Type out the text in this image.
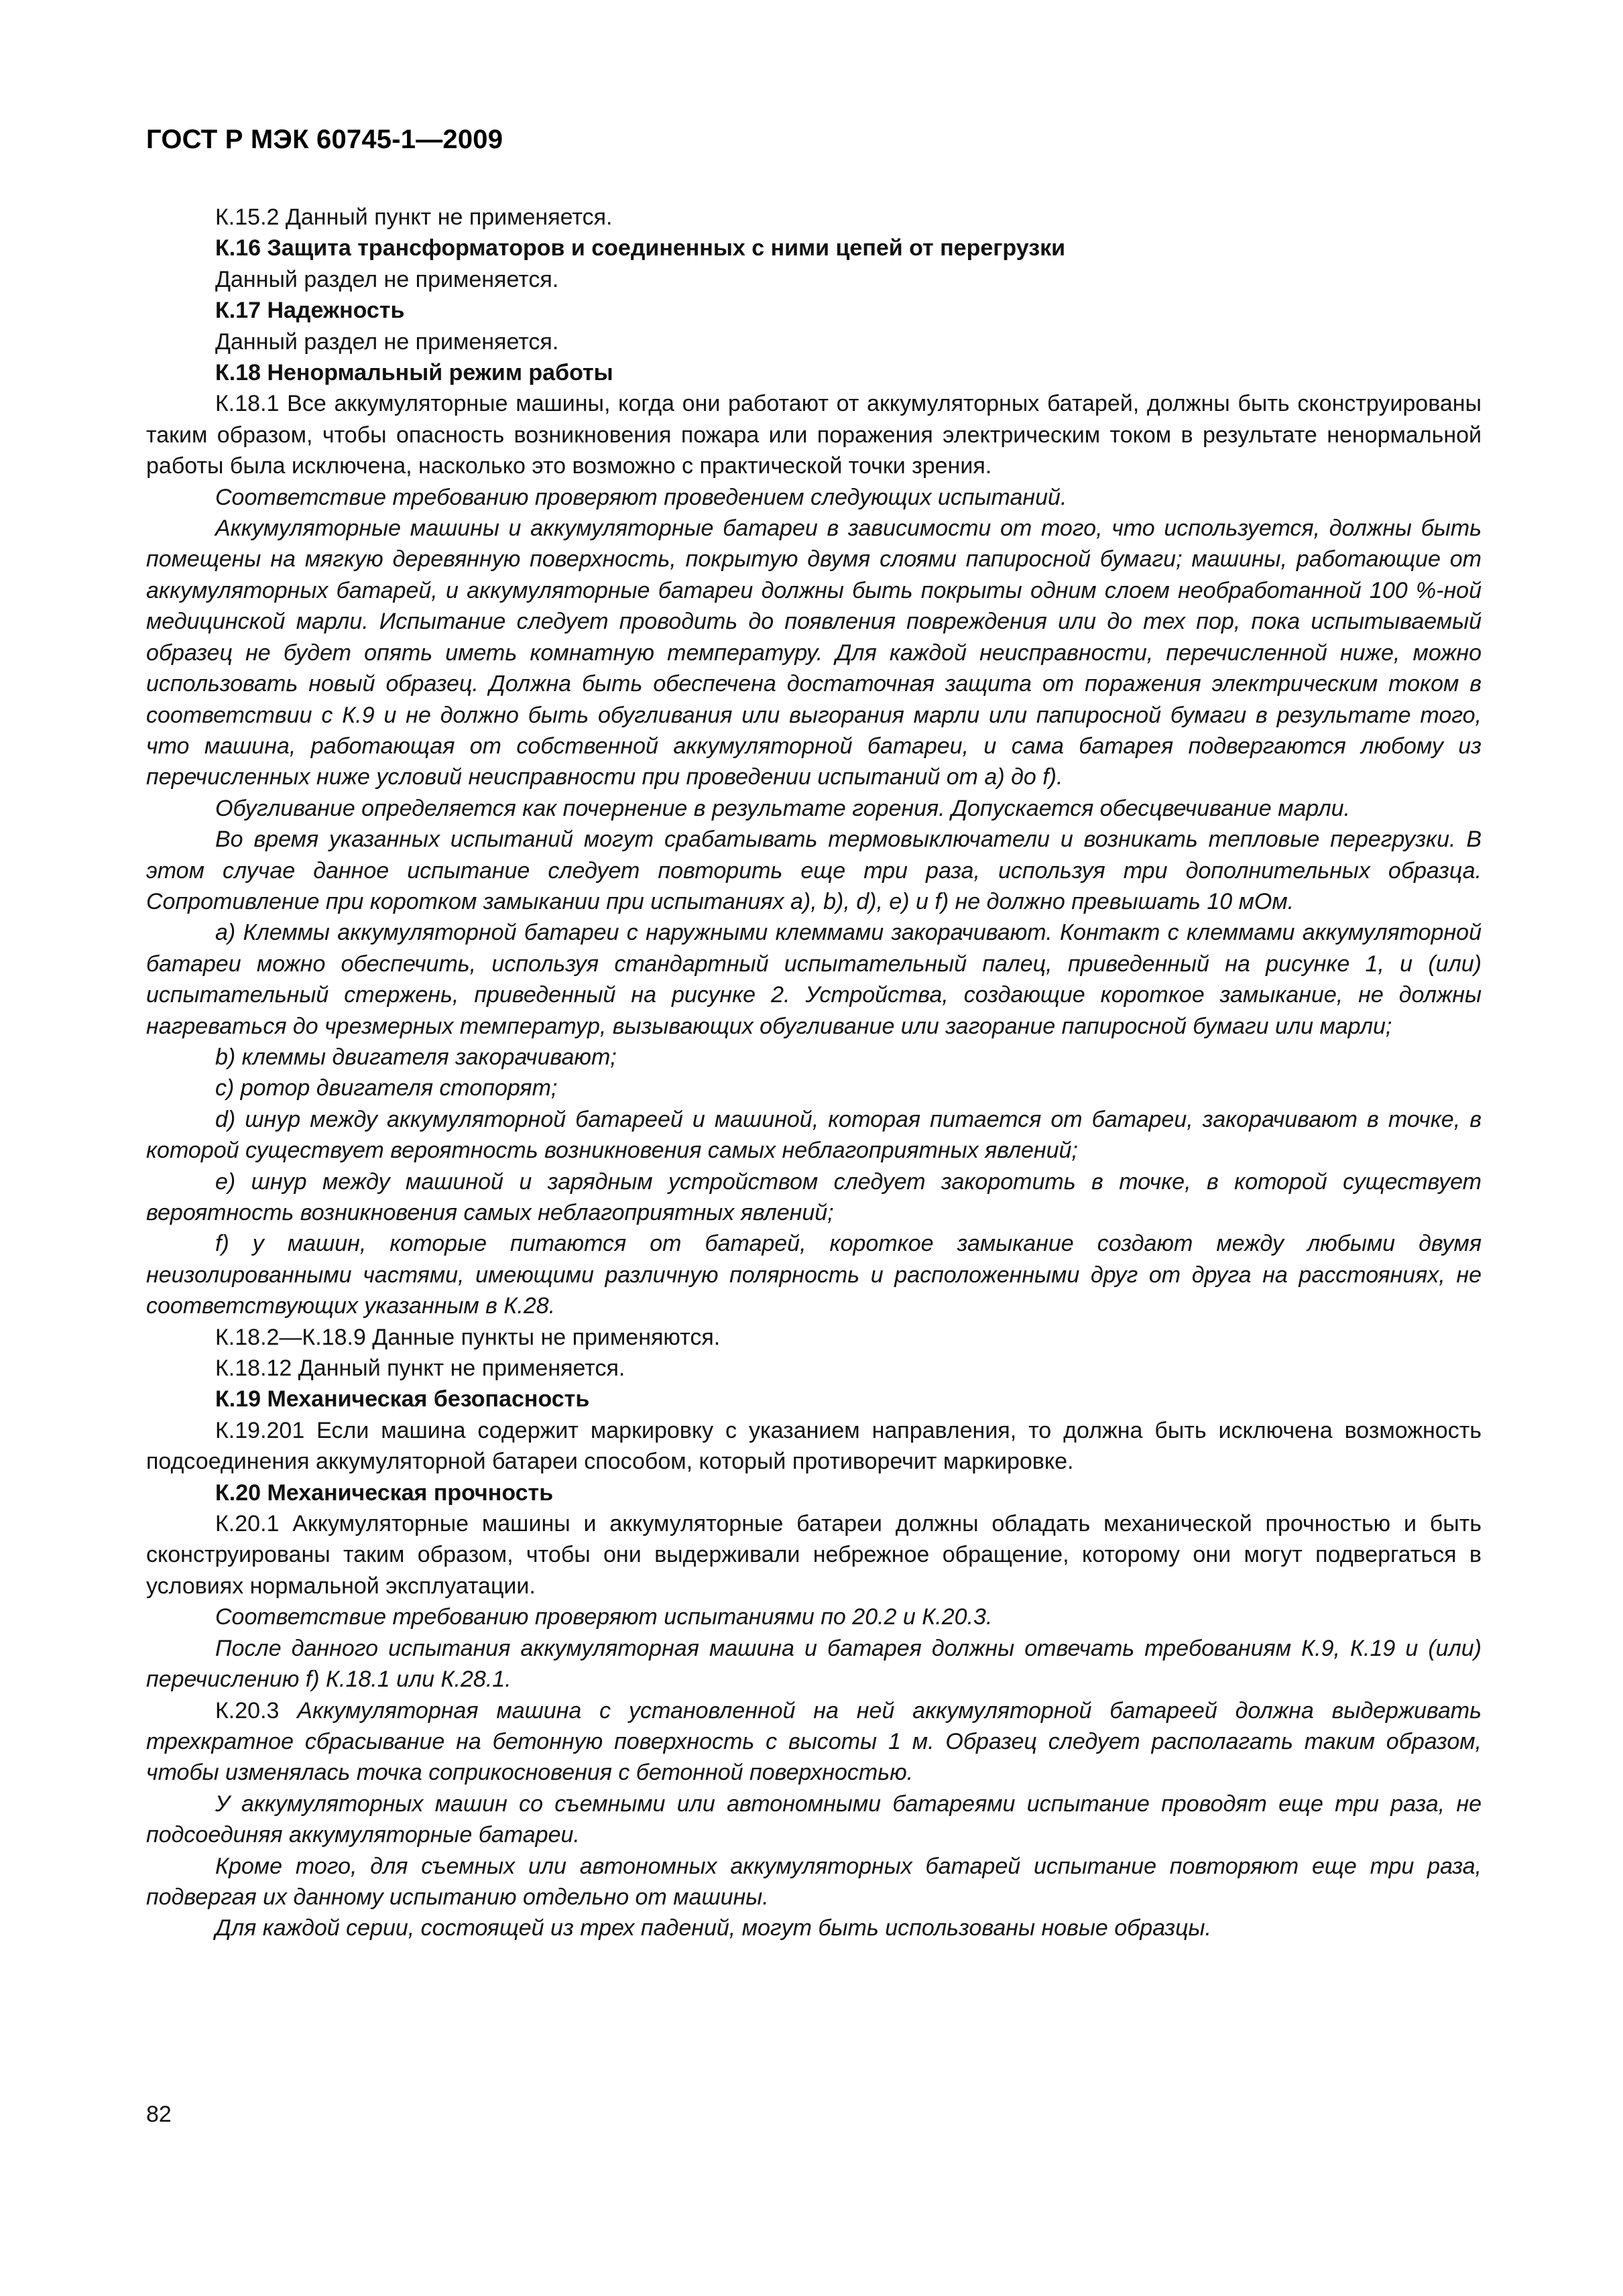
ГОСТ Р МЭК 60745-1—2009

К.15.2 Данный пункт не применяется.

К.16 Защита трансформаторов и соединенных с ними цепей от перегрузки

Данный раздел не применяется.

К.17 Надежность

Данный раздел не применяется.

К.18 Ненормальный режим работы

К.18.1 Все аккумуляторные машины, когда они работают от аккумуляторных батарей, должны быть сконструированы таким образом, чтобы опасность возникновения пожара или поражения электрическим током в результате ненормальной работы была исключена, насколько это возможно с практической точки зрения.

Соответствие требованию проверяют проведением следующих испытаний.

Аккумуляторные машины и аккумуляторные батареи в зависимости от того, что используется, должны быть помещены на мягкую деревянную поверхность, покрытую двумя слоями папиросной бумаги; машины, работающие от аккумуляторных батарей, и аккумуляторные батареи должны быть покрыты одним слоем необработанной 100 %-ной медицинской марли. Испытание следует проводить до появления повреждения или до тех пор, пока испытываемый образец не будет опять иметь комнатную температуру. Для каждой неисправности, перечисленной ниже, можно использовать новый образец. Должна быть обеспечена достаточная защита от поражения электрическим током в соответствии с К.9 и не должно быть обугливания или выгорания марли или папиросной бумаги в результате того, что машина, работающая от собственной аккумуляторной батареи, и сама батарея подвергаются любому из перечисленных ниже условий неисправности при проведении испытаний от а) до f).

Обугливание определяется как почернение в результате горения. Допускается обесцвечивание марли.

Во время указанных испытаний могут срабатывать термовыключатели и возникать тепловые перегрузки. В этом случае данное испытание следует повторить еще три раза, используя три дополнительных образца. Сопротивление при коротком замыкании при испытаниях а), b), d), е) и f) не должно превышать 10 мОм.

а) Клеммы аккумуляторной батареи с наружными клеммами закорачивают. Контакт с клеммами аккумуляторной батареи можно обеспечить, используя стандартный испытательный палец, приведенный на рисунке 1, и (или) испытательный стержень, приведенный на рисунке 2. Устройства, создающие короткое замыкание, не должны нагреваться до чрезмерных температур, вызывающих обугливание или загорание папиросной бумаги или марли;

b) клеммы двигателя закорачивают;

с) ротор двигателя стопорят;

d) шнур между аккумуляторной батареей и машиной, которая питается от батареи, закорачивают в точке, в которой существует вероятность возникновения самых неблагоприятных явлений;

е) шнур между машиной и зарядным устройством следует закоротить в точке, в которой существует вероятность возникновения самых неблагоприятных явлений;

f) у машин, которые питаются от батарей, короткое замыкание создают между любыми двумя неизолированными частями, имеющими различную полярность и расположенными друг от друга на расстояниях, не соответствующих указанным в К.28.

К.18.2—К.18.9 Данные пункты не применяются.

К.18.12 Данный пункт не применяется.

К.19 Механическая безопасность

К.19.201 Если машина содержит маркировку с указанием направления, то должна быть исключена возможность подсоединения аккумуляторной батареи способом, который противоречит маркировке.

К.20 Механическая прочность

К.20.1 Аккумуляторные машины и аккумуляторные батареи должны обладать механической прочностью и быть сконструированы таким образом, чтобы они выдерживали небрежное обращение, которому они могут подвергаться в условиях нормальной эксплуатации.

Соответствие требованию проверяют испытаниями по 20.2 и К.20.3.

После данного испытания аккумуляторная машина и батарея должны отвечать требованиям К.9, К.19 и (или) перечислению f) К.18.1 или К.28.1.

К.20.3 Аккумуляторная машина с установленной на ней аккумуляторной батареей должна выдерживать трехкратное сбрасывание на бетонную поверхность с высоты 1 м. Образец следует располагать таким образом, чтобы изменялась точка соприкосновения с бетонной поверхностью.

У аккумуляторных машин со съемными или автономными батареями испытание проводят еще три раза, не подсоединяя аккумуляторные батареи.

Кроме того, для съемных или автономных аккумуляторных батарей испытание повторяют еще три раза, подвергая их данному испытанию отдельно от машины.

Для каждой серии, состоящей из трех падений, могут быть использованы новые образцы.

82
